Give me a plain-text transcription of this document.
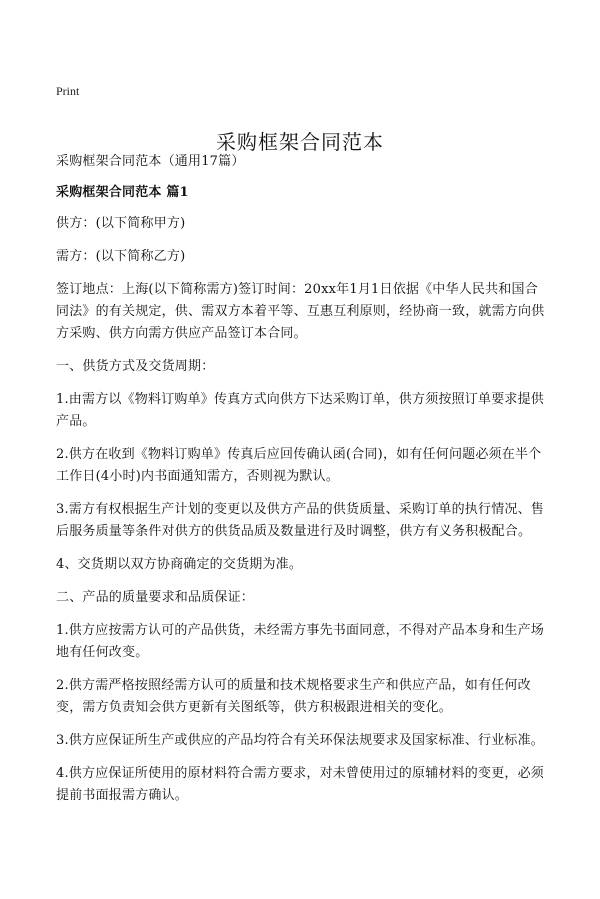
Print
采购框架合同范本

采购框架合同范本（通用17篇）

采购框架合同范本 篇1

供方：(以下简称甲方)

需方：(以下简称乙方)

签订地点：上海(以下简称需方)签订时间：20xx年1月1日依据《中华人民共和国合同法》的有关规定，供、需双方本着平等、互惠互利原则，经协商一致，就需方向供方采购、供方向需方供应产品签订本合同。

一、供货方式及交货周期：

1.由需方以《物料订购单》传真方式向供方下达采购订单，供方须按照订单要求提供产品。

2.供方在收到《物料订购单》传真后应回传确认函(合同)，如有任何问题必须在半个工作日(4小时)内书面通知需方，否则视为默认。

3.需方有权根据生产计划的变更以及供方产品的供货质量、采购订单的执行情况、售后服务质量等条件对供方的供货品质及数量进行及时调整，供方有义务积极配合。

4、交货期以双方协商确定的交货期为准。

二、产品的质量要求和品质保证：

1.供方应按需方认可的产品供货，未经需方事先书面同意，不得对产品本身和生产场地有任何改变。

2.供方需严格按照经需方认可的质量和技术规格要求生产和供应产品，如有任何改变，需方负责知会供方更新有关图纸等，供方积极跟进相关的变化。

3.供方应保证所生产或供应的产品均符合有关环保法规要求及国家标准、行业标准。

4.供方应保证所使用的原材料符合需方要求，对未曾使用过的原辅材料的变更，必须提前书面报需方确认。
